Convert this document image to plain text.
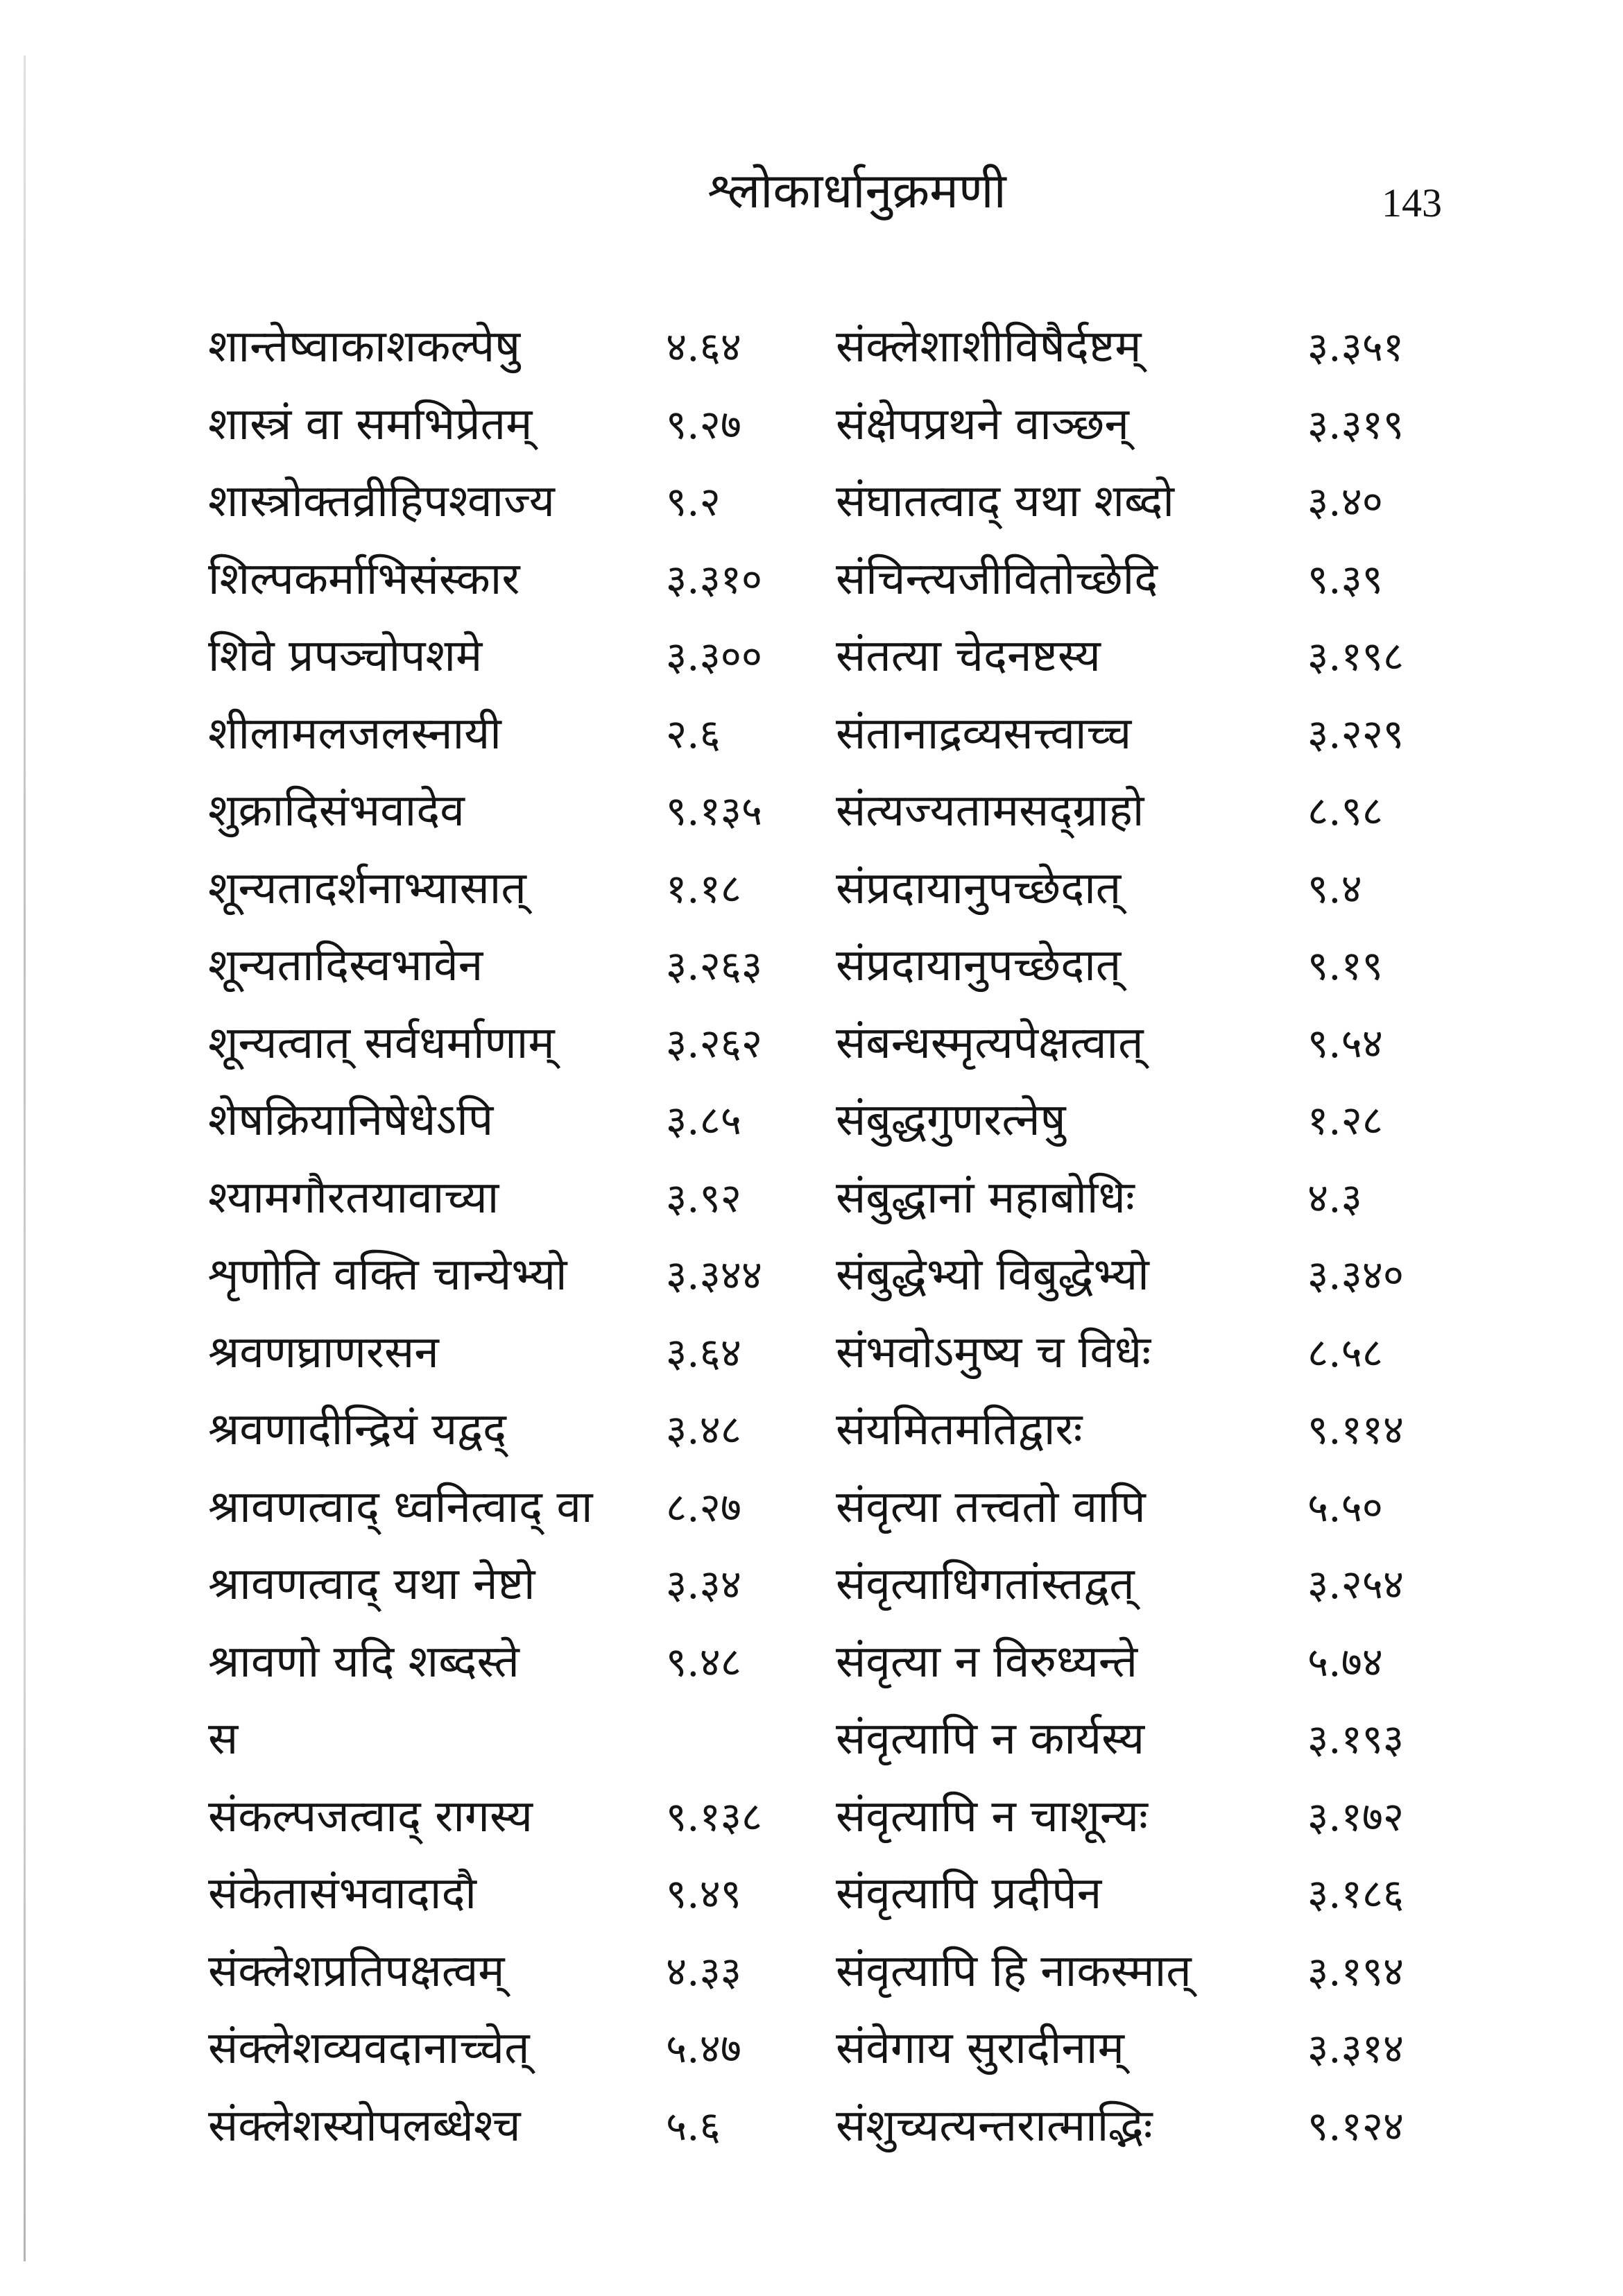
श्लोकार्धानुक्रमणी	143
शान्तेष्वाकाशकल्पेषु	४.६४ संक्लेशाशीविषैर्दष्टम्	३.३५१
शास्त्रं वा समभिप्रेतम्	९.२७ संक्षेपप्रथने वाञ्छन्	३.३१९
शास्त्रोक्तव्रीहिपश्वाज्य	९.२	संघातत्वाद् यथा शब्दो	३.४०
शिल्पकर्माभिसंस्कार	३.३१० संचिन्त्यजीवितोच्छेदि	९.३९
शिवे प्रपञ्चोपशमे	३.३०० संतत्या चेदनष्टस्य	३.१९८
शीलामलजलस्नायी	२.६	संतानाद्रव्यसत्त्वाच्च	३.२२९
शुक्रादिसंभवादेव	९.१३५ संत्यज्यतामसद्ग्राहो	८.९८
शून्यतादर्शनाभ्यासात्	१.१८ संप्रदायानुपच्छेदात्	९.४
शून्यतादिस्वभावेन	३.२६३ संप्रदायानुपच्छेदात्	९.१९
शून्यत्वात् सर्वधर्माणाम्	३.२६२ संबन्धस्मृत्यपेक्षत्वात्	९.५४
शेषक्रियानिषेधेऽपि	३.८५ संबुद्धगुणरत्नेषु	१.२८
श्यामगौरतयावाच्या	३.९२ संबुद्धानां महाबोधिः	४.३
शृणोति वक्ति चान्येभ्यो ३.३४४ संबुद्धेभ्यो विबुद्धेभ्यो	३.३४०
श्रवणघ्राणरसन	३.६४ संभवोऽमुष्य च विधेः	८.५८
श्रवणादीन्द्रियं यद्वद्	३.४८ संयमितमतिद्वारः	९.११४
श्रावणत्वाद् ध्वनित्वाद् वा ८.२७ संवृत्या तत्त्वतो वापि	५.५०
श्रावणत्वाद् यथा नेष्टो	३.३४ संवृत्याधिगतांस्तद्वत्	३.२५४
श्रावणो यदि शब्दस्ते	९.४८ संवृत्या न विरुध्यन्ते	५.७४
स	संवृत्यापि न कार्यस्य	३.१९३
संकल्पजत्वाद् रागस्य	९.१३८ संवृत्यापि न चाशून्यः	३.१७२
संकेतासंभवादादौ	९.४९ संवृत्यापि प्रदीपेन	३.१८६
संक्लेशप्रतिपक्षत्वम्	४.३३ संवृत्यापि हि नाकस्मात्	३.१९४
संक्लेशव्यवदानाच्चेत्	५.४७ संवेगाय सुरादीनाम्	३.३१४
संक्लेशस्योपलब्धेश्च	५.६	संशुच्यत्यन्तरात्माद्भिः	९.१२४
